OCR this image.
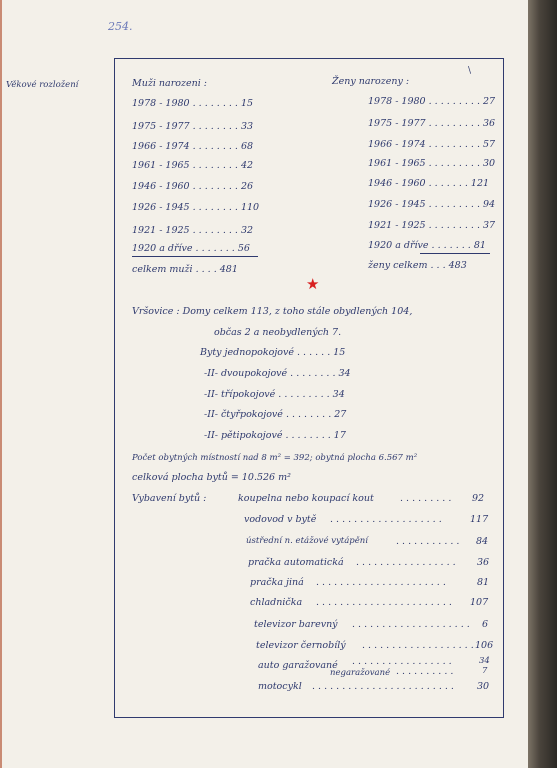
254.
Věkové rozložení
\
Muži narozeni :
1978 - 1980 . . . . . . . . 15
1975 - 1977 . . . . . . . . 33
1966 - 1974 . . . . . . . . 68
1961 - 1965 . . . . . . . . 42
1946 - 1960 . . . . . . . . 26
1926 - 1945 . . . . . . . . 110
1921 - 1925 . . . . . . . . 32
1920 a dříve . . . . . . . 56
celkem muži . . . . 481
Ženy narozeny :
1978 - 1980 . . . . . . . . . 27
1975 - 1977 . . . . . . . . . 36
1966 - 1974 . . . . . . . . . 57
1961 - 1965 . . . . . . . . . 30
1946 - 1960 . . . . . . . 121
1926 - 1945 . . . . . . . . . 94
1921 - 1925 . . . . . . . . . 37
1920 a dříve . . . . . . . 81
ženy celkem . . . 483
★
Vršovice : Domy celkem 113, z toho stále obydlených 104,
občas 2 a neobydlených 7.
Byty jednopokojové . . . . . . 15
-II- dvoupokojové . . . . . . . . 34
-II- třípokojové . . . . . . . . . 34
-II- čtyřpokojové . . . . . . . . 27
-II- pětipokojové . . . . . . . . 17
Počet obytných místností nad 8 m² = 392; obytná plocha 6.567 m²
celková plocha bytů = 10.526 m²
Vybavení bytů :	koupelna nebo koupací kout	. . . . . . . . . 92
vodovod v bytě . . . . . . . . . . . . . . . . . . .	117
ústřední n. etážové vytápění	. . . . . . . . . . . 84
pračka automatická . . . . . . . . . . . . . . . . . 36
pračka jiná . . . . . . . . . . . . . . . . . . . . . .	81
chladnička . . . . . . . . . . . . . . . . . . . . . . . 107
televizor barevný . . . . . . . . . . . . . . . . . . . . 6
televizor černobílý . . . . . . . . . . . . . . . . . . . 106
auto garažované . . . . . . . . . . . . . . . . .	34
negaražované . . . . . . . . . .	7
motocykl . . . . . . . . . . . . . . . . . . . . . . . . 30
